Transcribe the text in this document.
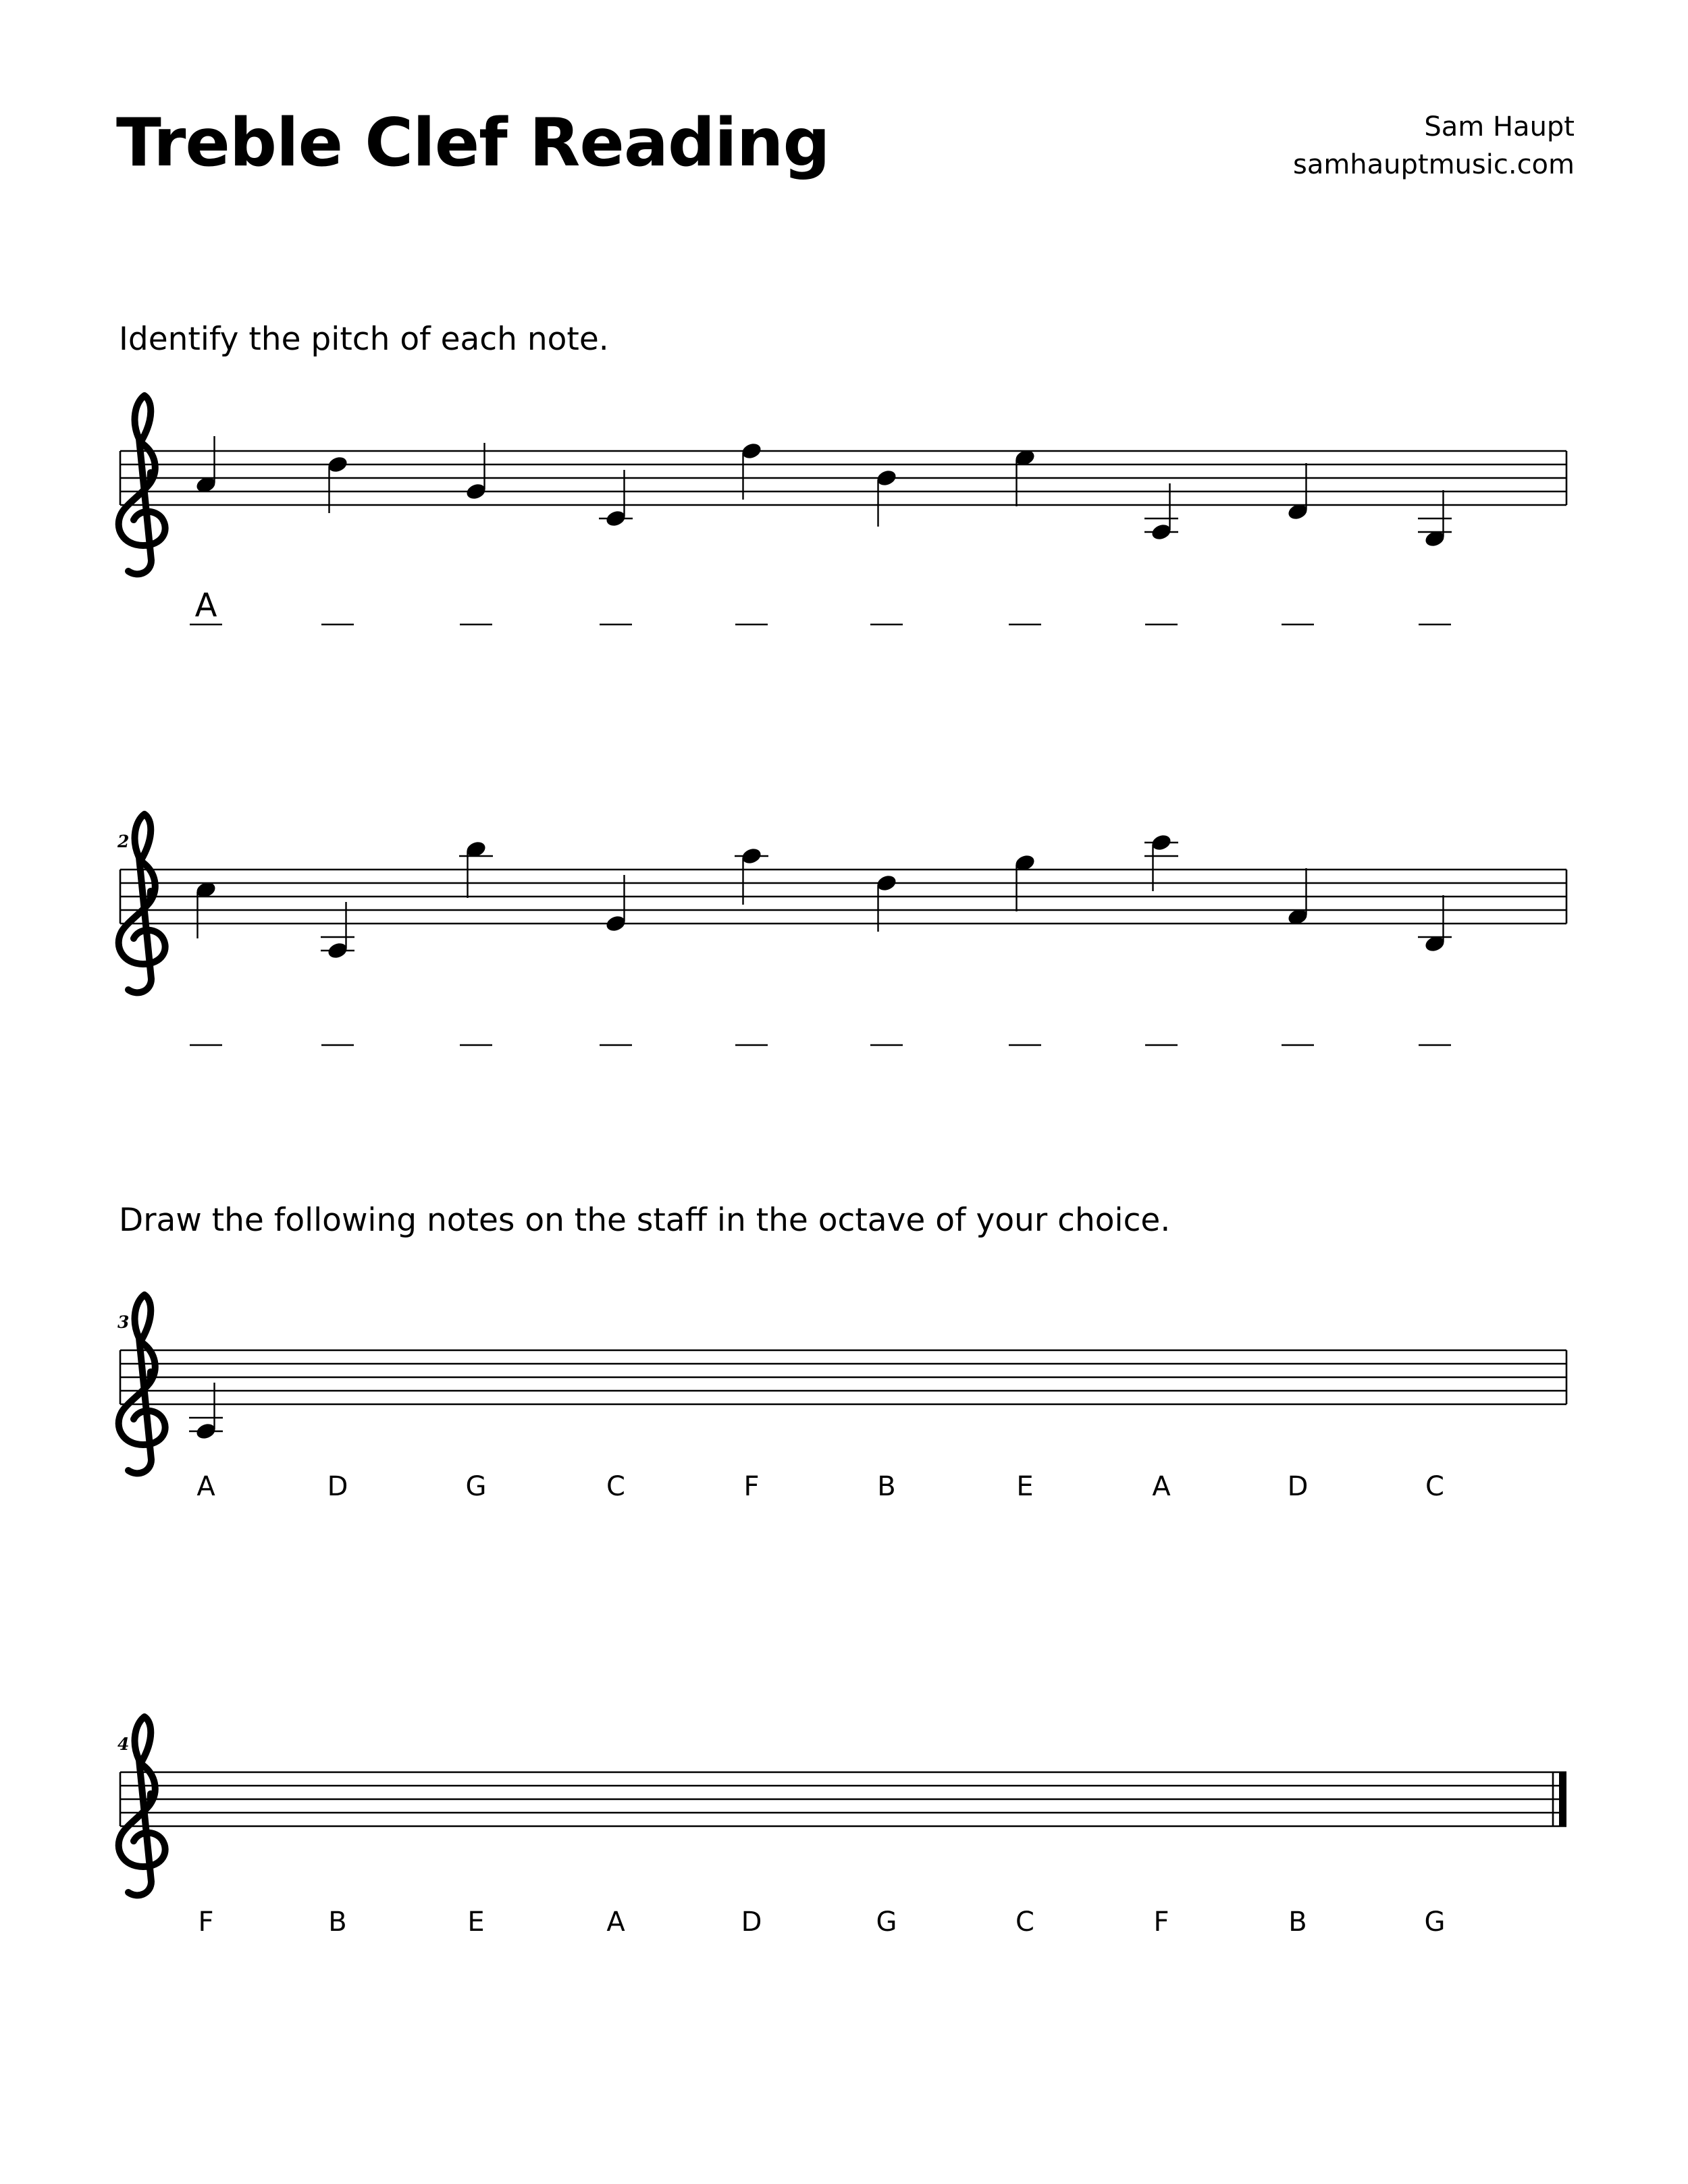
Treble Clef Reading	Sam Haupt
samhauptmusic.com
Identify the pitch of each note.
Draw the following notes on the staff in the octave of your choice.
A
2
3
A	D	G	C	F	B	E	A	D	C
4
F	B	E	A	D	G	C	F	B	G
